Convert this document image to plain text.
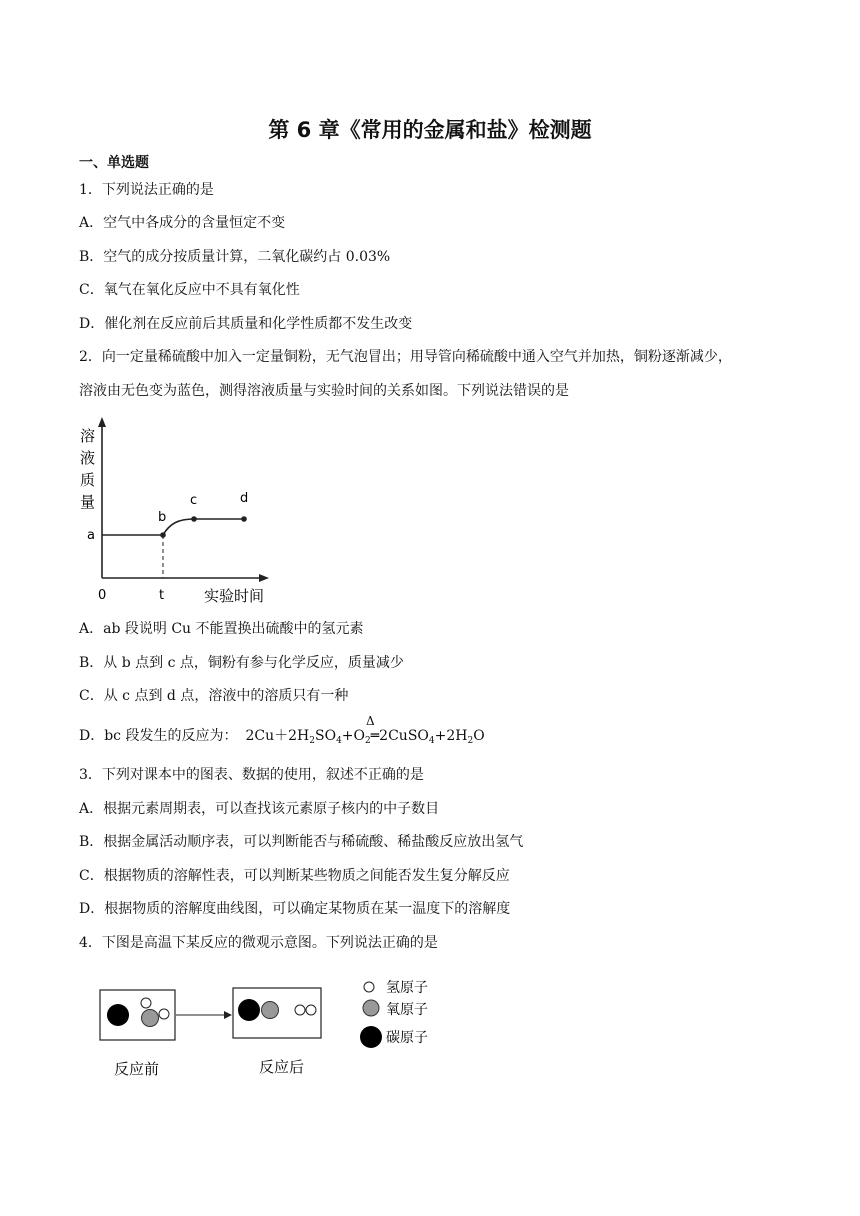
第 6 章《常用的金属和盐》检测题
一、单选题
1．下列说法正确的是
A．空气中各成分的含量恒定不变
B．空气的成分按质量计算，二氧化碳约占 0.03%
C．氧气在氧化反应中不具有氧化性
D．催化剂在反应前后其质量和化学性质都不发生改变
2．向一定量稀硫酸中加入一定量铜粉，无气泡冒出；用导管向稀硫酸中通入空气并加热，铜粉逐渐减少，
溶液由无色变为蓝色，测得溶液质量与实验时间的关系如图。下列说法错误的是
溶
液
质
量
a
b
c	d
0	t	实验时间
A．ab 段说明 Cu 不能置换出硫酸中的氢元素
B．从 b 点到 c 点，铜粉有参与化学反应，质量减少
C．从 c 点到 d 点，溶液中的溶质只有一种
D．bc 段发生的反应为： $2Cu+2H_2SO_4+O_2═2CuSO_4+2H_2O$
Δ
3．下列对课本中的图表、数据的使用，叙述不正确的是
A．根据元素周期表，可以查找该元素原子核内的中子数目
B．根据金属活动顺序表，可以判断能否与稀硫酸、稀盐酸反应放出氢气
C．根据物质的溶解性表，可以判断某些物质之间能否发生复分解反应
D．根据物质的溶解度曲线图，可以确定某物质在某一温度下的溶解度
4．下图是高温下某反应的微观示意图。下列说法正确的是
反应前	反应后
氢原子
氧原子
碳原子
